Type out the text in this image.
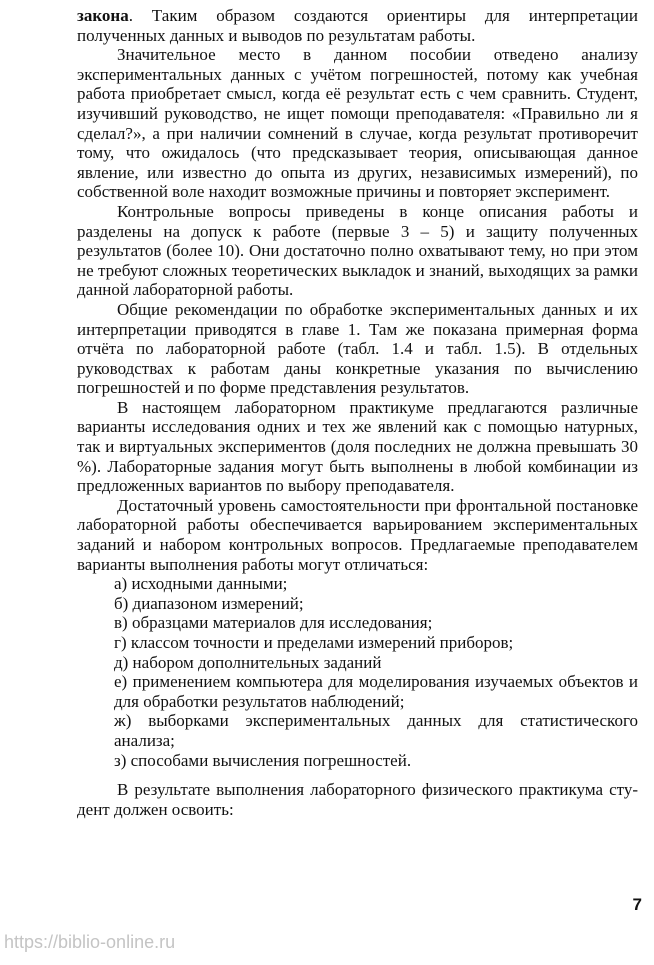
закона. Таким образом создаются ориентиры для интерпретации полученных данных и выводов по результатам работы.

Значительное место в данном пособии отведено анализу экспериментальных данных с учётом погрешностей, потому как учебная работа приобретает смысл, когда её результат есть с чем сравнить. Студент, изучивший руководство, не ищет помощи преподавателя: «Правильно ли я сделал?», а при наличии сомнений в случае, когда результат противоречит тому, что ожидалось (что предсказывает теория, описывающая данное явление, или известно до опыта из других, независимых измерений), по собственной воле находит возможные причины и повторяет эксперимент.

Контрольные вопросы приведены в конце описания работы и разделены на допуск к работе (первые 3 – 5) и защиту полученных результатов (более 10). Они достаточно полно охватывают тему, но при этом не требуют сложных теоретических выкладок и знаний, выходящих за рамки данной лабораторной работы.

Общие рекомендации по обработке экспериментальных данных и их интерпретации приводятся в главе 1. Там же показана примерная форма отчёта по лабораторной работе (табл. 1.4 и табл. 1.5). В отдельных руководствах к работам даны конкретные указания по вычислению погрешностей и по форме представления результатов.

В настоящем лабораторном практикуме предлагаются различные варианты исследования одних и тех же явлений как с помощью натурных, так и виртуальных экспериментов (доля последних не должна превышать 30 %). Лабораторные задания могут быть выполнены в любой комбинации из предложенных вариантов по выбору преподавателя.

Достаточный уровень самостоятельности при фронтальной постановке лабораторной работы обеспечивается варьированием экспериментальных заданий и набором контрольных вопросов. Предлагаемые преподавателем варианты выполнения работы могут отличаться:

а) исходными данными;
б) диапазоном измерений;
в) образцами материалов для исследования;
г) классом точности и пределами измерений приборов;
д) набором дополнительных заданий
е) применением компьютера для моделирования изучаемых объектов и для обработки результатов наблюдений;
ж) выборками экспериментальных данных для статистического анализа;
з) способами вычисления погрешностей.

В результате выполнения лабораторного физического практикума студент должен освоить:

7
https://biblio-online.ru
